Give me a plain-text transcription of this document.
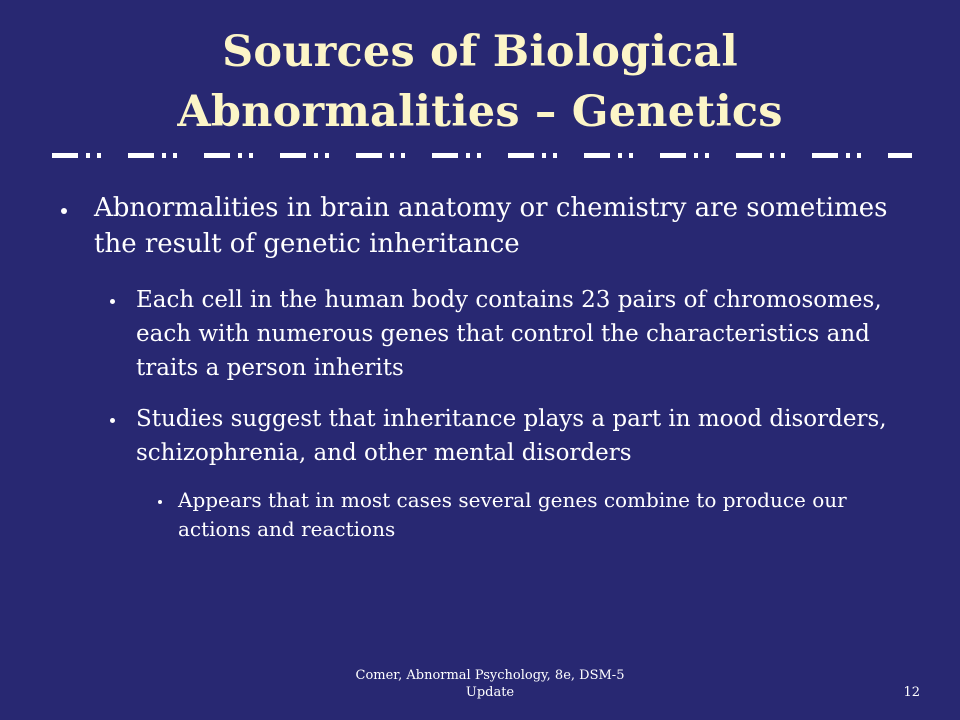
Sources of Biological
Abnormalities – Genetics
Abnormalities in brain anatomy or chemistry are sometimes the result of genetic inheritance
Each cell in the human body contains 23 pairs of chromosomes, each with numerous genes that control the characteristics and traits a person inherits
Studies suggest that inheritance plays a part in mood disorders, schizophrenia, and other mental disorders
Appears that in most cases several genes combine to produce our actions and reactions
Comer, Abnormal Psychology, 8e, DSM-5 Update	12
